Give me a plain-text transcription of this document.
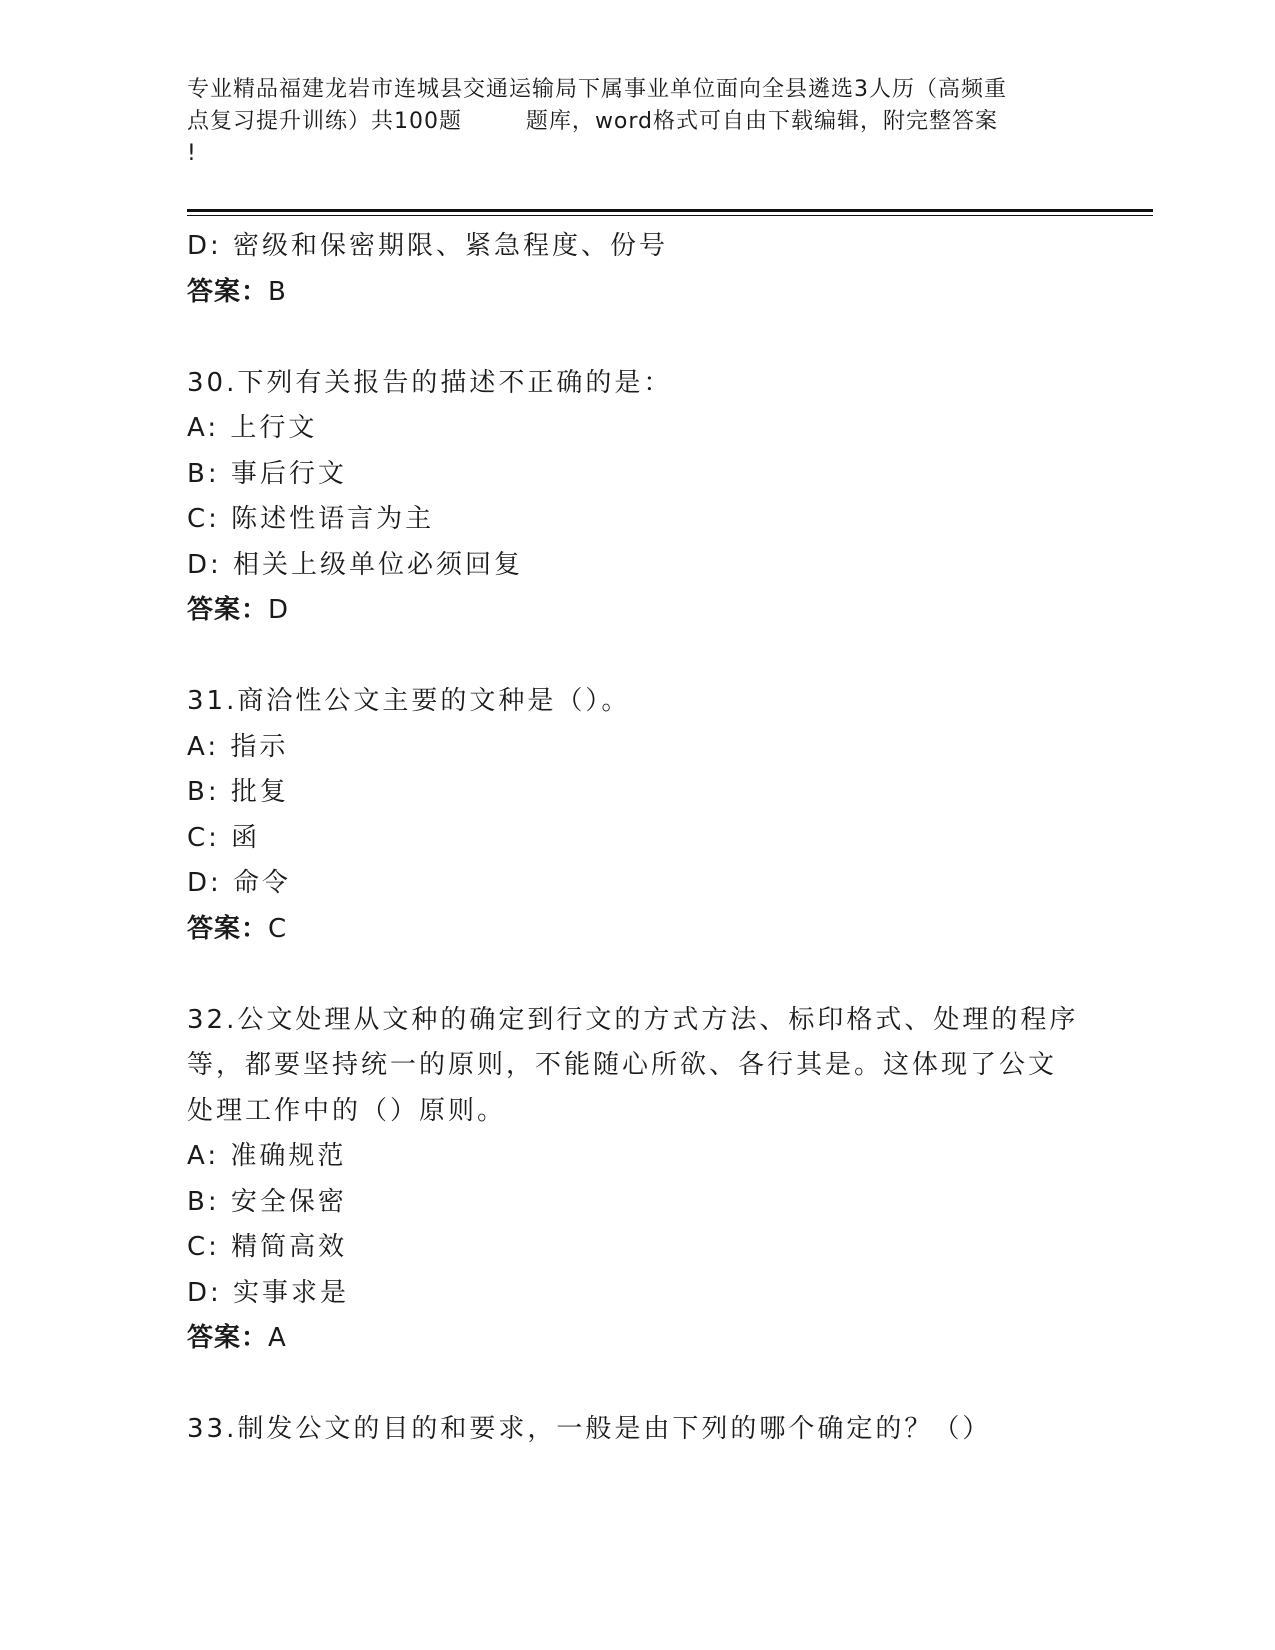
专业精品福建龙岩市连城县交通运输局下属事业单位面向全县遴选3人历（高频重
点复习提升训练）共100题        题库，word格式可自由下载编辑，附完整答案
!
D: 密级和保密期限、紧急程度、份号
答案：B
30.下列有关报告的描述不正确的是：
A: 上行文
B: 事后行文
C: 陈述性语言为主
D: 相关上级单位必须回复
答案：D
31.商洽性公文主要的文种是（）。
A: 指示
B: 批复
C: 函
D: 命令
答案：C
32.公文处理从文种的确定到行文的方式方法、标印格式、处理的程序
等，都要坚持统一的原则，不能随心所欲、各行其是。这体现了公文
处理工作中的（）原则。
A: 准确规范
B: 安全保密
C: 精简高效
D: 实事求是
答案：A
33.制发公文的目的和要求，一般是由下列的哪个确定的？（）
